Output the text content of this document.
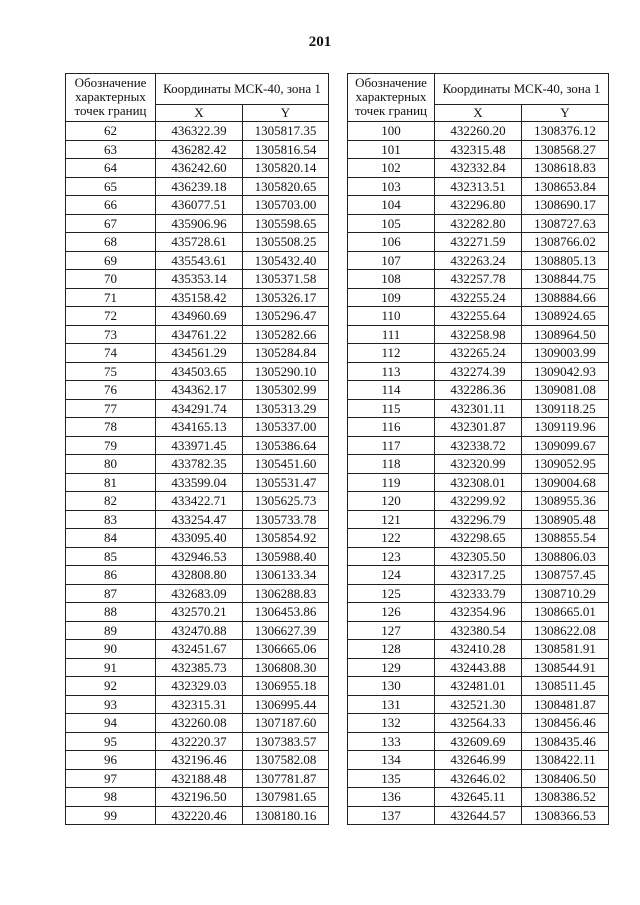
201
Обозначение характерных точек границ	Координаты МСК-40, зона 1	
	X	Y
62	436322.39	1305817.35
63	436282.42	1305816.54
64	436242.60	1305820.14
65	436239.18	1305820.65
66	436077.51	1305703.00
67	435906.96	1305598.65
68	435728.61	1305508.25
69	435543.61	1305432.40
70	435353.14	1305371.58
71	435158.42	1305326.17
72	434960.69	1305296.47
73	434761.22	1305282.66
74	434561.29	1305284.84
75	434503.65	1305290.10
76	434362.17	1305302.99
77	434291.74	1305313.29
78	434165.13	1305337.00
79	433971.45	1305386.64
80	433782.35	1305451.60
81	433599.04	1305531.47
82	433422.71	1305625.73
83	433254.47	1305733.78
84	433095.40	1305854.92
85	432946.53	1305988.40
86	432808.80	1306133.34
87	432683.09	1306288.83
88	432570.21	1306453.86
89	432470.88	1306627.39
90	432451.67	1306665.06
91	432385.73	1306808.30
92	432329.03	1306955.18
93	432315.31	1306995.44
94	432260.08	1307187.60
95	432220.37	1307383.57
96	432196.46	1307582.08
97	432188.48	1307781.87
98	432196.50	1307981.65
99	432220.46	1308180.16
Обозначение характерных точек границ	Координаты МСК-40, зона 1	
	X	Y
100	432260.20	1308376.12
101	432315.48	1308568.27
102	432332.84	1308618.83
103	432313.51	1308653.84
104	432296.80	1308690.17
105	432282.80	1308727.63
106	432271.59	1308766.02
107	432263.24	1308805.13
108	432257.78	1308844.75
109	432255.24	1308884.66
110	432255.64	1308924.65
111	432258.98	1308964.50
112	432265.24	1309003.99
113	432274.39	1309042.93
114	432286.36	1309081.08
115	432301.11	1309118.25
116	432301.87	1309119.96
117	432338.72	1309099.67
118	432320.99	1309052.95
119	432308.01	1309004.68
120	432299.92	1308955.36
121	432296.79	1308905.48
122	432298.65	1308855.54
123	432305.50	1308806.03
124	432317.25	1308757.45
125	432333.79	1308710.29
126	432354.96	1308665.01
127	432380.54	1308622.08
128	432410.28	1308581.91
129	432443.88	1308544.91
130	432481.01	1308511.45
131	432521.30	1308481.87
132	432564.33	1308456.46
133	432609.69	1308435.46
134	432646.99	1308422.11
135	432646.02	1308406.50
136	432645.11	1308386.52
137	432644.57	1308366.53
